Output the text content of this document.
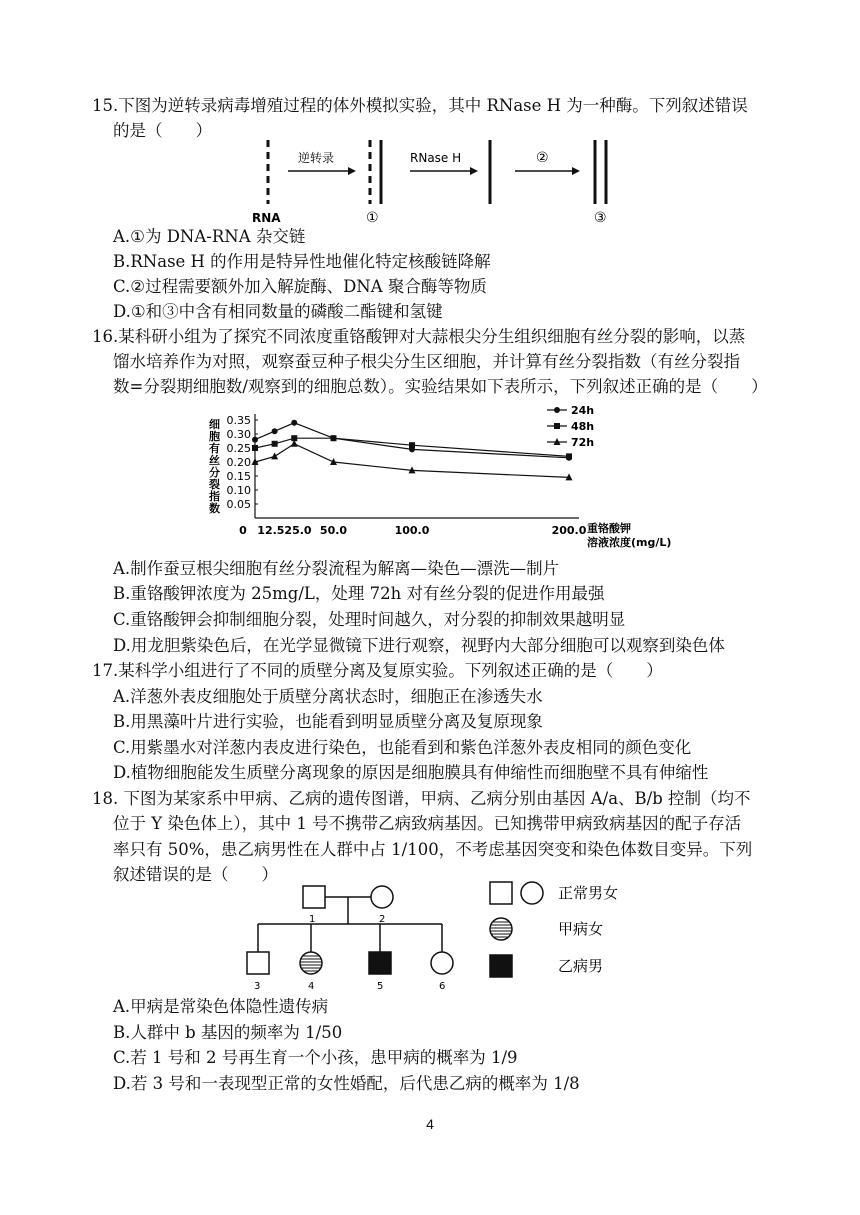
15.下图为逆转录病毒增殖过程的体外模拟实验，其中 RNase H 为一种酶。下列叙述错误
的是（　　）
RNA
逆转录
①
RNase H	②
③
A.①为 DNA-RNA 杂交链
B.RNase H 的作用是特异性地催化特定核酸链降解
C.②过程需要额外加入解旋酶、DNA 聚合酶等物质
D.①和③中含有相同数量的磷酸二酯键和氢键
16.某科研小组为了探究不同浓度重铬酸钾对大蒜根尖分生组织细胞有丝分裂的影响，以蒸
馏水培养作为对照，观察蚕豆种子根尖分生区细胞，并计算有丝分裂指数（有丝分裂指
数=分裂期细胞数/观察到的细胞总数）。实验结果如下表所示，下列叙述正确的是（　　）
细
胞
有
丝
分
裂
指
数
0.35
0.30
0.25
0.20
0.15
0.10
0.05
0 12.525.0 50.0	100.0	200.0 重铬酸钾
溶液浓度(mg/L)
24h
48h
72h
A.制作蚕豆根尖细胞有丝分裂流程为解离—染色—漂洗—制片
B.重铬酸钾浓度为 25mg/L，处理 72h 对有丝分裂的促进作用最强
C.重铬酸钾会抑制细胞分裂，处理时间越久，对分裂的抑制效果越明显
D.用龙胆紫染色后，在光学显微镜下进行观察，视野内大部分细胞可以观察到染色体
17.某科学小组进行了不同的质壁分离及复原实验。下列叙述正确的是（　　）
A.洋葱外表皮细胞处于质壁分离状态时，细胞正在渗透失水
B.用黑藻叶片进行实验，也能看到明显质壁分离及复原现象
C.用紫墨水对洋葱内表皮进行染色，也能看到和紫色洋葱外表皮相同的颜色变化
D.植物细胞能发生质壁分离现象的原因是细胞膜具有伸缩性而细胞壁不具有伸缩性
18. 下图为某家系中甲病、乙病的遗传图谱，甲病、乙病分别由基因 A/a、B/b 控制（均不
位于 Y 染色体上），其中 1 号不携带乙病致病基因。已知携带甲病致病基因的配子存活
率只有 50%，患乙病男性在人群中占 1/100，不考虑基因突变和染色体数目变异。下列
叙述错误的是（　　）
1	2
3	4	5	6
正常男女
甲病女
乙病男
A.甲病是常染色体隐性遗传病
B.人群中 b 基因的频率为 1/50
C.若 1 号和 2 号再生育一个小孩，患甲病的概率为 1/9
D.若 3 号和一表现型正常的女性婚配，后代患乙病的概率为 1/8
4
